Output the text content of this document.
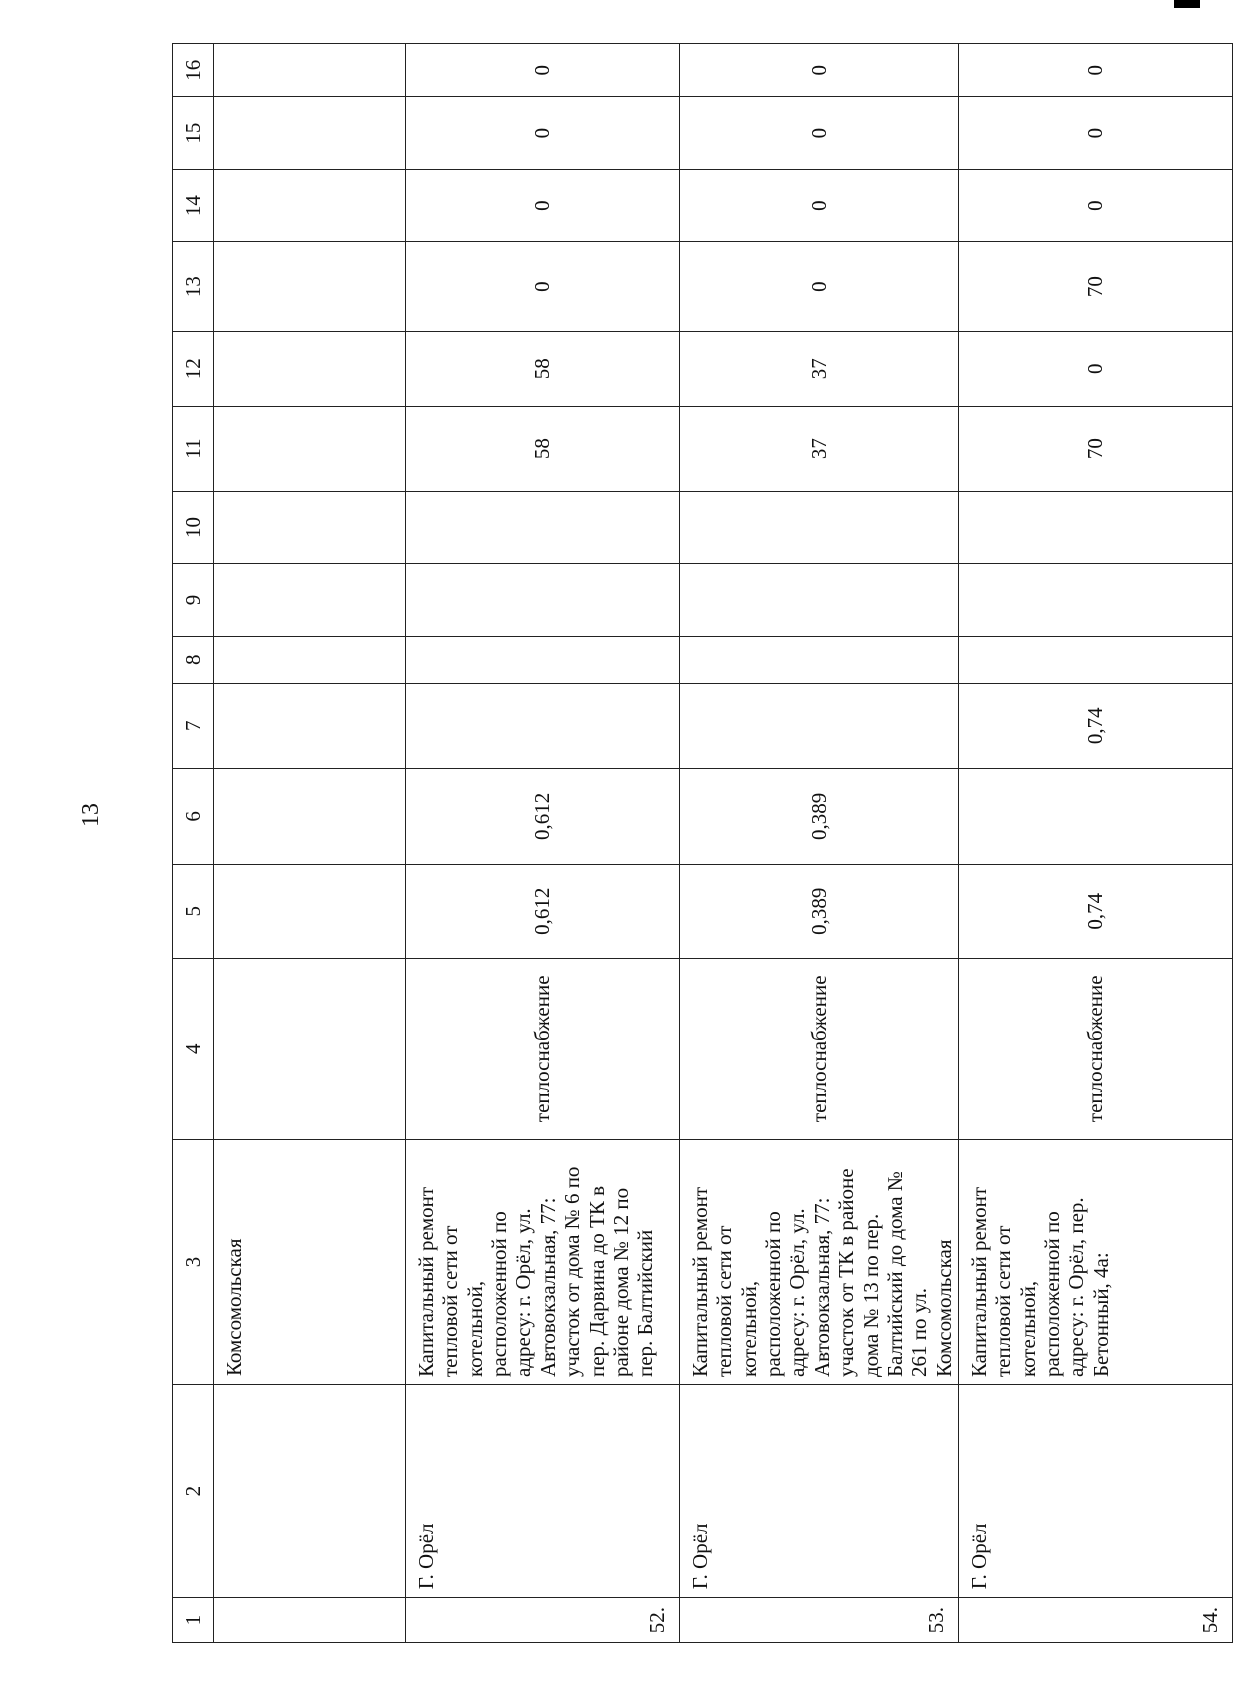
13
1	2	3	4	5	6	7	8	9	10	11	12	13	14	15	16
		Комсомольская													
52.	Г. Орёл	Капитальный ремонт тепловой сети от котельной, расположенной по адресу: г. Орёл, ул. Автовокзальная, 77: участок от дома № 6 по пер. Дарвина до ТК в районе дома № 12 по пер. Балтийский	теплоснабжение	0,612	0,612					58	58	0	0	0	0
53.	Г. Орёл	Капитальный ремонт тепловой сети от котельной, расположенной по адресу: г. Орёл, ул. Автовокзальная, 77: участок от ТК в районе дома № 13 по пер. Балтийский до дома № 261 по ул. Комсомольская	теплоснабжение	0,389	0,389					37	37	0	0	0	0
54.	Г. Орёл	Капитальный ремонт тепловой сети от котельной, расположенной по адресу: г. Орёл, пер. Бетонный, 4а:	теплоснабжение	0,74		0,74				70	0	70	0	0	0
